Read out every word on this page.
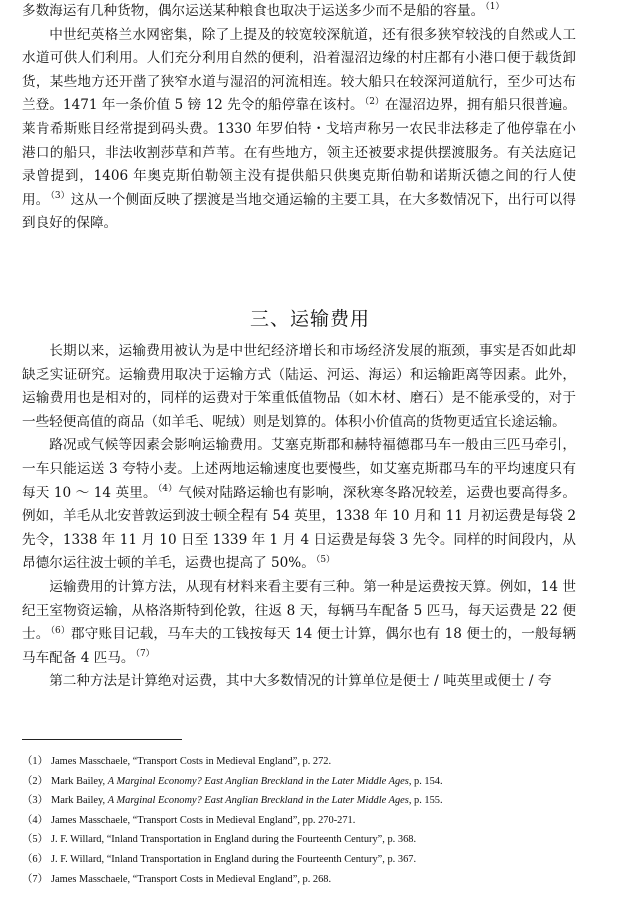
多数海运有几种货物，偶尔运送某种粮食也取决于运送多少而不是船的容量。$^{(1)}$

中世纪英格兰水网密集，除了上提及的较宽较深航道，还有很多狭窄较浅的自然或人工水道可供人们利用。人们充分利用自然的便利，沿着湿沼边缘的村庄都有小港口便于载货卸货，某些地方还开凿了狭窄水道与湿沼的河流相连。较大船只在较深河道航行，至少可达布兰登。1471 年一条价值 5 镑 12 先令的船停靠在该村。$^{(2)}$在湿沼边界，拥有船只很普遍。莱肯希斯账目经常提到码头费。1330 年罗伯特・戈培声称另一农民非法移走了他停靠在小港口的船只，非法收割莎草和芦苇。在有些地方，领主还被要求提供摆渡服务。有关法庭记录曾提到，1406 年奥克斯伯勒领主没有提供船只供奥克斯伯勒和诺斯沃德之间的行人使用。$^{(3)}$这从一个侧面反映了摆渡是当地交通运输的主要工具，在大多数情况下，出行可以得到良好的保障。

三、运输费用

长期以来，运输费用被认为是中世纪经济增长和市场经济发展的瓶颈，事实是否如此却缺乏实证研究。运输费用取决于运输方式（陆运、河运、海运）和运输距离等因素。此外，运输费用也是相对的，同样的运费对于笨重低值物品（如木材、磨石）是不能承受的，对于一些轻便高值的商品（如羊毛、呢绒）则是划算的。体积小价值高的货物更适宜长途运输。

路况或气候等因素会影响运输费用。艾塞克斯郡和赫特福德郡马车一般由三匹马牵引，一车只能运送 3 夸特小麦。上述两地运输速度也要慢些，如艾塞克斯郡马车的平均速度只有每天 10 ～ 14 英里。$^{(4)}$气候对陆路运输也有影响，深秋寒冬路况较差，运费也要高得多。例如，羊毛从北安普敦运到波士顿全程有 54 英里，1338 年 10 月和 11 月初运费是每袋 2 先令，1338 年 11 月 10 日至 1339 年 1 月 4 日运费是每袋 3 先令。同样的时间段内，从昂德尔运往波士顿的羊毛，运费也提高了 50%。$^{(5)}$

运输费用的计算方法，从现有材料来看主要有三种。第一种是运费按天算。例如，14 世纪王室物资运输，从格洛斯特到伦敦，往返 8 天，每辆马车配备 5 匹马，每天运费是 22 便士。$^{(6)}$郡守账目记载，马车夫的工钱按每天 14 便士计算，偶尔也有 18 便士的，一般每辆马车配备 4 匹马。$^{(7)}$

第二种方法是计算绝对运费，其中大多数情况的计算单位是便士 / 吨英里或便士 / 夸

（1） James Masschaele, “Transport Costs in Medieval England”, p. 272.

（2） Mark Bailey, A Marginal Economy? East Anglian Breckland in the Later Middle Ages, p. 154.

（3） Mark Bailey, A Marginal Economy? East Anglian Breckland in the Later Middle Ages, p. 155.

（4） James Masschaele, “Transport Costs in Medieval England”, pp. 270-271.

（5） J. F. Willard, “Inland Transportation in England during the Fourteenth Century”, p. 368.

（6） J. F. Willard, “Inland Transportation in England during the Fourteenth Century”, p. 367.

（7） James Masschaele, “Transport Costs in Medieval England”, p. 268.
